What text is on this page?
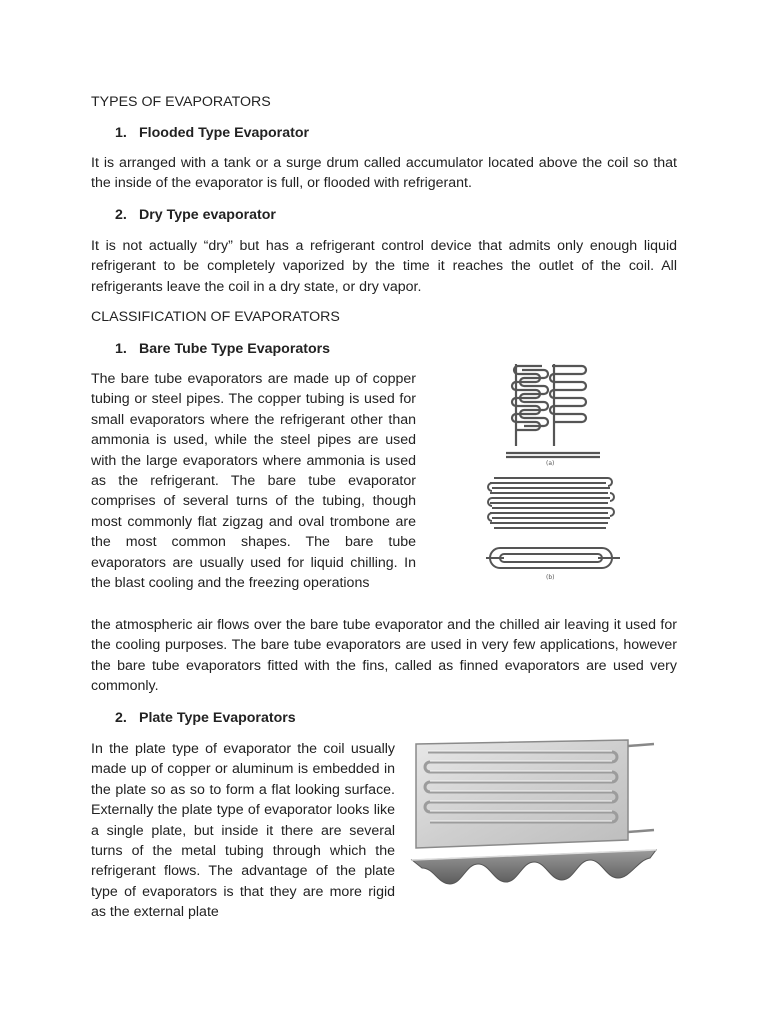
TYPES OF EVAPORATORS
1. Flooded Type Evaporator

It is arranged with a tank or a surge drum called accumulator located above the coil so that the inside of the evaporator is full, or flooded with refrigerant.

2. Dry Type evaporator

It is not actually “dry” but has a refrigerant control device that admits only enough liquid refrigerant to be completely vaporized by the time it reaches the outlet of the coil. All refrigerants leave the coil in a dry state, or dry vapor.

CLASSIFICATION OF EVAPORATORS
1. Bare Tube Type Evaporators

The bare tube evaporators are made up of copper tubing or steel pipes. The copper tubing is used for small evaporators where the refrigerant other than ammonia is used, while the steel pipes are used with the large evaporators where ammonia is used as the refrigerant. The bare tube evaporator comprises of several turns of the tubing, though most commonly flat zigzag and oval trombone are the most common shapes. The bare tube evaporators are usually used for liquid chilling. In the blast cooling and the freezing operations

the atmospheric air flows over the bare tube evaporator and the chilled air leaving it used for the cooling purposes. The bare tube evaporators are used in very few applications, however the bare tube evaporators fitted with the fins, called as finned evaporators are used very commonly.

(a)
(b)
2. Plate Type Evaporators

In the plate type of evaporator the coil usually made up of copper or aluminum is embedded in the plate so as so to form a flat looking surface. Externally the plate type of evaporator looks like a single plate, but inside it there are several turns of the metal tubing through which the refrigerant flows. The advantage of the plate type of evaporators is that they are more rigid as the external plate
